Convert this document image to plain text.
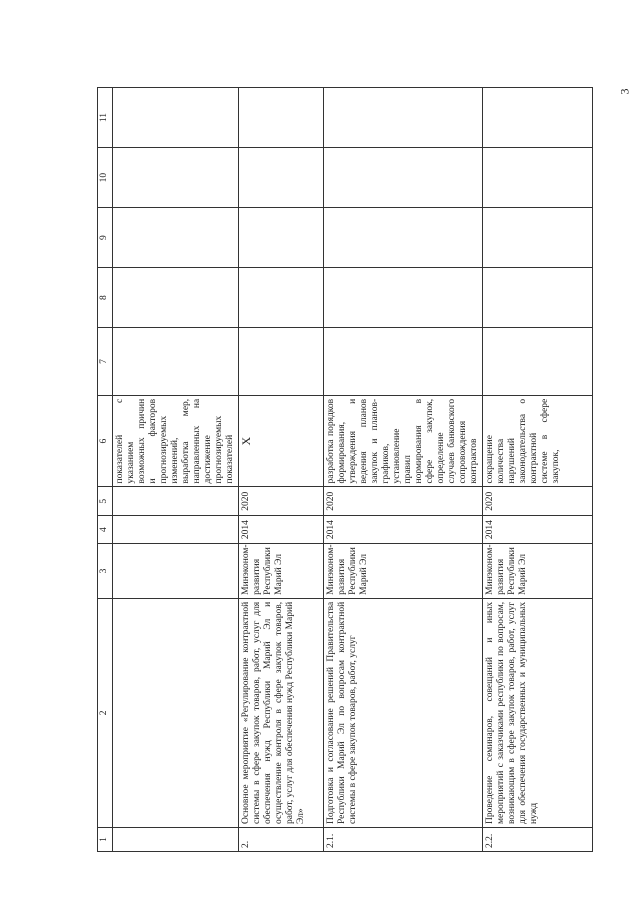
3
1	2	3	4	5	6	7	8	9	10	11
					показателей с указанием возможных причин и факторов прогнозируемых изменений, выработка мер, направленных на достижение прогнозируемых показателей					
2.	Основное мероприятие «Регулирование контрактной системы в сфере закупок товаров, работ, услуг для обеспечения нужд Республики Марий Эл и осуществление контроля в сфере закупок товаров, работ, услуг для обеспечения нужд Республики Марий Эл»	Минэконом-развития Республики Марий Эл	2014	2020	X					
2.1.	Подготовка и согласование решений Правительства Республики Марий Эл по вопросам контрактной системы в сфере закупок товаров, работ, услуг	Минэконом-развития Республики Марий Эл	2014	2020	разработка порядков формирования, утверждения и ведения планов закупок и планов-графиков, установление правил нормирования в сфере закупок, определение случаев банковского сопровождения контрактов					
2.2.	Проведение семинаров, совещаний и иных мероприятий с заказчиками республики по вопросам, возникающим в сфере закупок товаров, работ, услуг для обеспечения государственных и муниципальных нужд	Минэконом-развития Республики Марий Эл	2014	2020	сокращение количества нарушений законодательства о контрактной системе в сфере закупок,					
